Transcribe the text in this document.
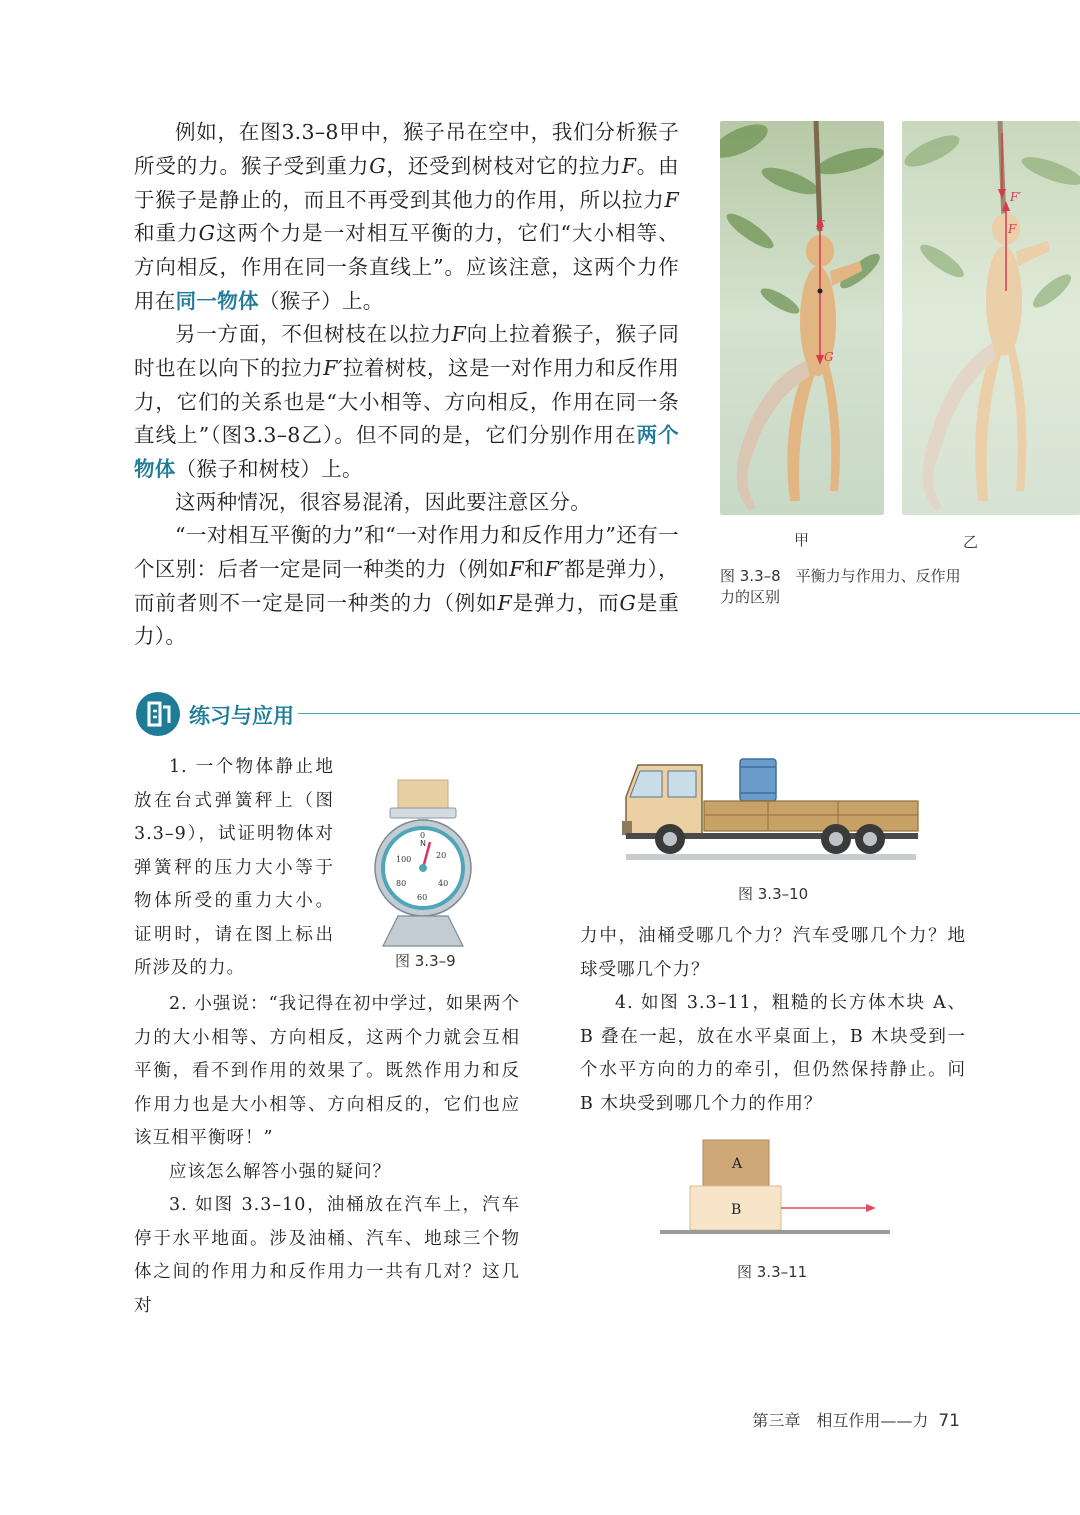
例如，在图3.3–8甲中，猴子吊在空中，我们分析猴子所受的力。猴子受到重力G，还受到树枝对它的拉力F。由于猴子是静止的，而且不再受到其他力的作用，所以拉力F和重力G这两个力是一对相互平衡的力，它们“大小相等、方向相反，作用在同一条直线上”。应该注意，这两个力作用在同一物体（猴子）上。

另一方面，不但树枝在以拉力F向上拉着猴子，猴子同时也在以向下的拉力F′拉着树枝，这是一对作用力和反作用力，它们的关系也是“大小相等、方向相反，作用在同一条直线上”（图3.3–8乙）。但不同的是，它们分别作用在两个物体（猴子和树枝）上。

这两种情况，很容易混淆，因此要注意区分。

“一对相互平衡的力”和“一对作用力和反作用力”还有一个区别：后者一定是同一种类的力（例如F和F′都是弹力），而前者则不一定是同一种类的力（例如F是弹力，而G是重力）。

F
G
F′
F
甲	乙
图 3.3–8　平衡力与作用力、反作用
力的区别
练习与应用

1. 一个物体静止地放在台式弹簧秤上（图3.3–9），试证明物体对弹簧秤的压力大小等于物体所受的重力大小。证明时，请在图上标出所涉及的力。

N
100
0
20
80	40
60
图 3.3–9

2. 小强说：“我记得在初中学过，如果两个力的大小相等、方向相反，这两个力就会互相平衡，看不到作用的效果了。既然作用力和反作用力也是大小相等、方向相反的，它们也应该互相平衡呀！”

应该怎么解答小强的疑问？

3. 如图 3.3–10，油桶放在汽车上，汽车停于水平地面。涉及油桶、汽车、地球三个物体之间的作用力和反作用力一共有几对？这几对

图 3.3–10

力中，油桶受哪几个力？汽车受哪几个力？地球受哪几个力？

4. 如图 3.3–11，粗糙的长方体木块 A、B 叠在一起，放在水平桌面上，B 木块受到一个水平方向的力的牵引，但仍然保持静止。问 B 木块受到哪几个力的作用？

A
B
图 3.3–11
第三章　相互作用——力 71
